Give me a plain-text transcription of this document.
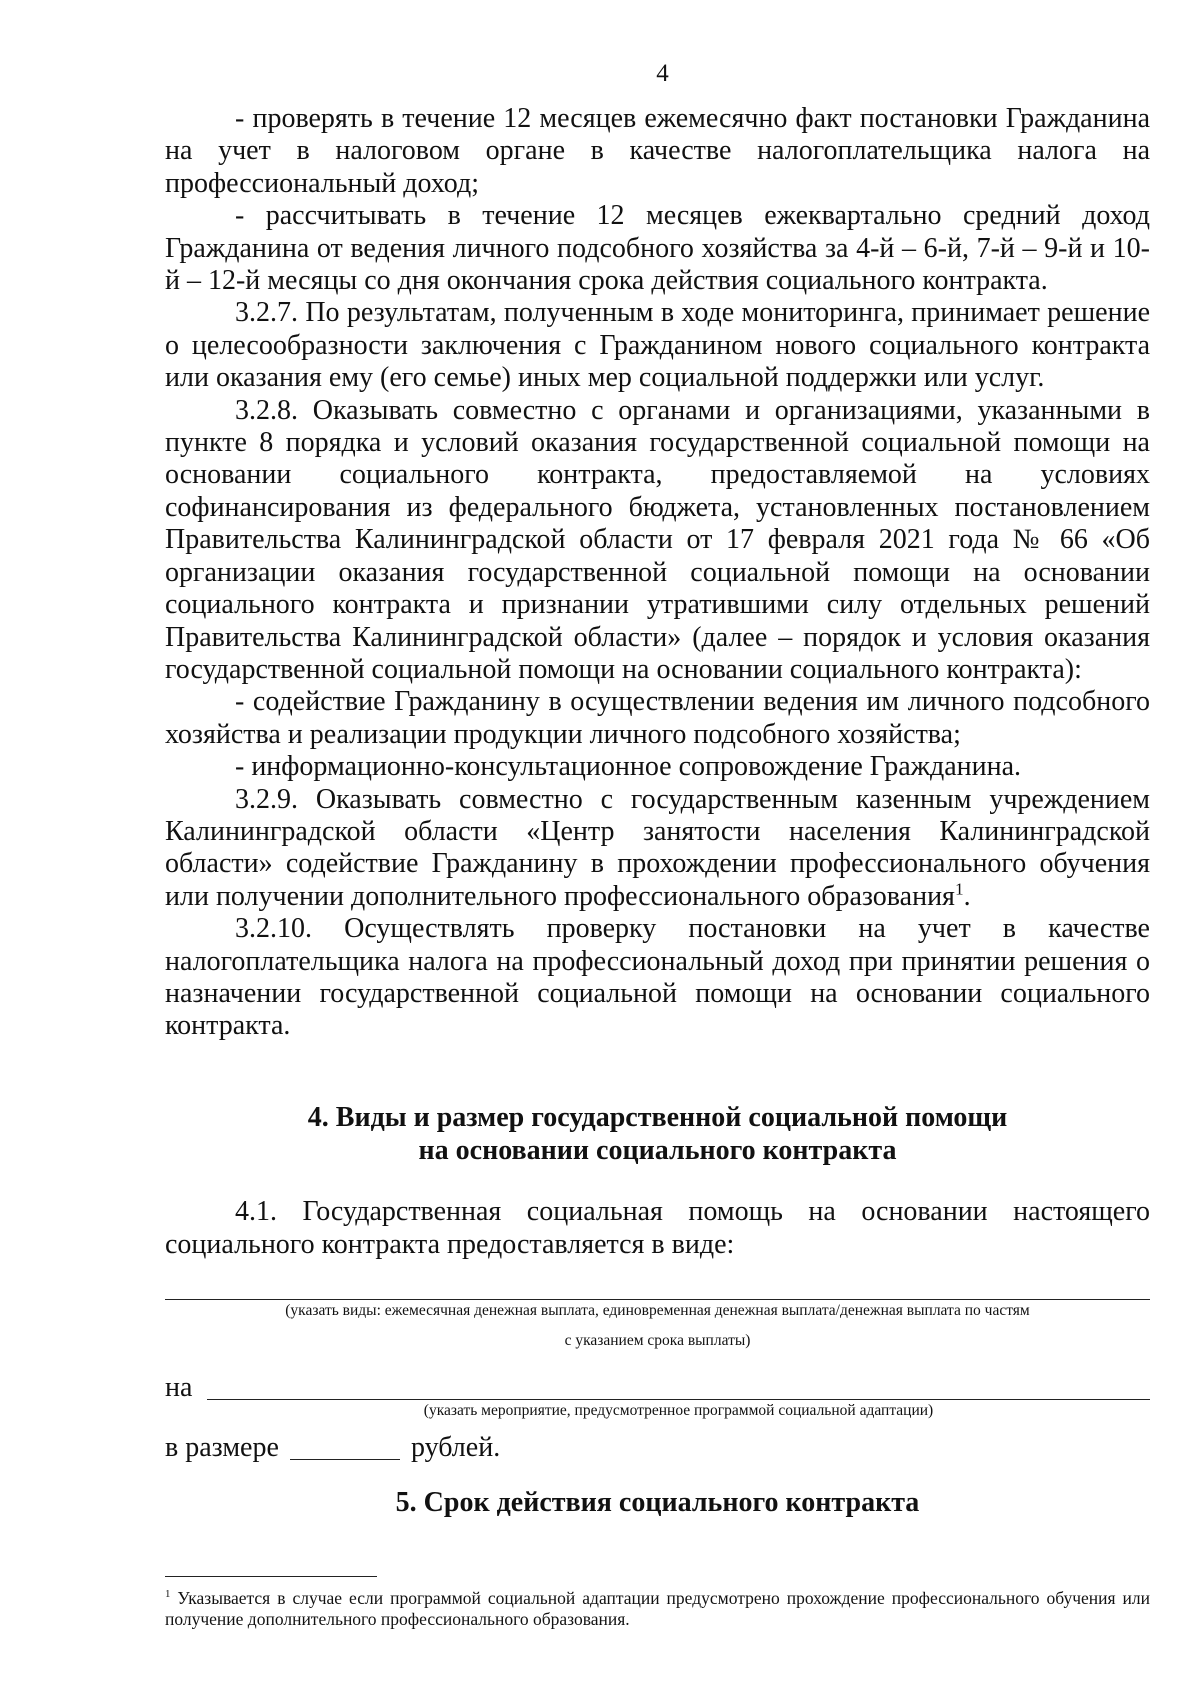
4

- проверять в течение 12 месяцев ежемесячно факт постановки Гражданина на учет в налоговом органе в качестве налогоплательщика налога на профессиональный доход;

- рассчитывать в течение 12 месяцев ежеквартально средний доход Гражданина от ведения личного подсобного хозяйства за 4-й – 6-й, 7-й – 9-й и 10-й – 12-й месяцы со дня окончания срока действия социального контракта.

3.2.7. По результатам, полученным в ходе мониторинга, принимает решение о целесообразности заключения с Гражданином нового социального контракта или оказания ему (его семье) иных мер социальной поддержки или услуг.

3.2.8. Оказывать совместно с органами и организациями, указанными в пункте 8 порядка и условий оказания государственной социальной помощи на основании социального контракта, предоставляемой на условиях софинансирования из федерального бюджета, установленных постановлением Правительства Калининградской области от 17 февраля 2021 года № 66 «Об организации оказания государственной социальной помощи на основании социального контракта и признании утратившими силу отдельных решений Правительства Калининградской области» (далее – порядок и условия оказания государственной социальной помощи на основании социального контракта):

- содействие Гражданину в осуществлении ведения им личного подсобного хозяйства и реализации продукции личного подсобного хозяйства;

- информационно-консультационное сопровождение Гражданина.

3.2.9. Оказывать совместно с государственным казенным учреждением Калининградской области «Центр занятости населения Калининградской области» содействие Гражданину в прохождении профессионального обучения или получении дополнительного профессионального образования$^1$.

3.2.10. Осуществлять проверку постановки на учет в качестве налогоплательщика налога на профессиональный доход при принятии решения о назначении государственной социальной помощи на основании социального контракта.

4. Виды и размер государственной социальной помощи
на основании социального контракта

4.1. Государственная социальная помощь на основании настоящего социального контракта предоставляется в виде:

(указать виды: ежемесячная денежная выплата, единовременная денежная выплата/денежная выплата по частям
с указанием срока выплаты)
на
(указать мероприятие, предусмотренное программой социальной адаптации)
в размере	рублей.
5. Срок действия социального контракта
$^1$ Указывается в случае если программой социальной адаптации предусмотрено прохождение профессионального обучения или получение дополнительного профессионального образования.
